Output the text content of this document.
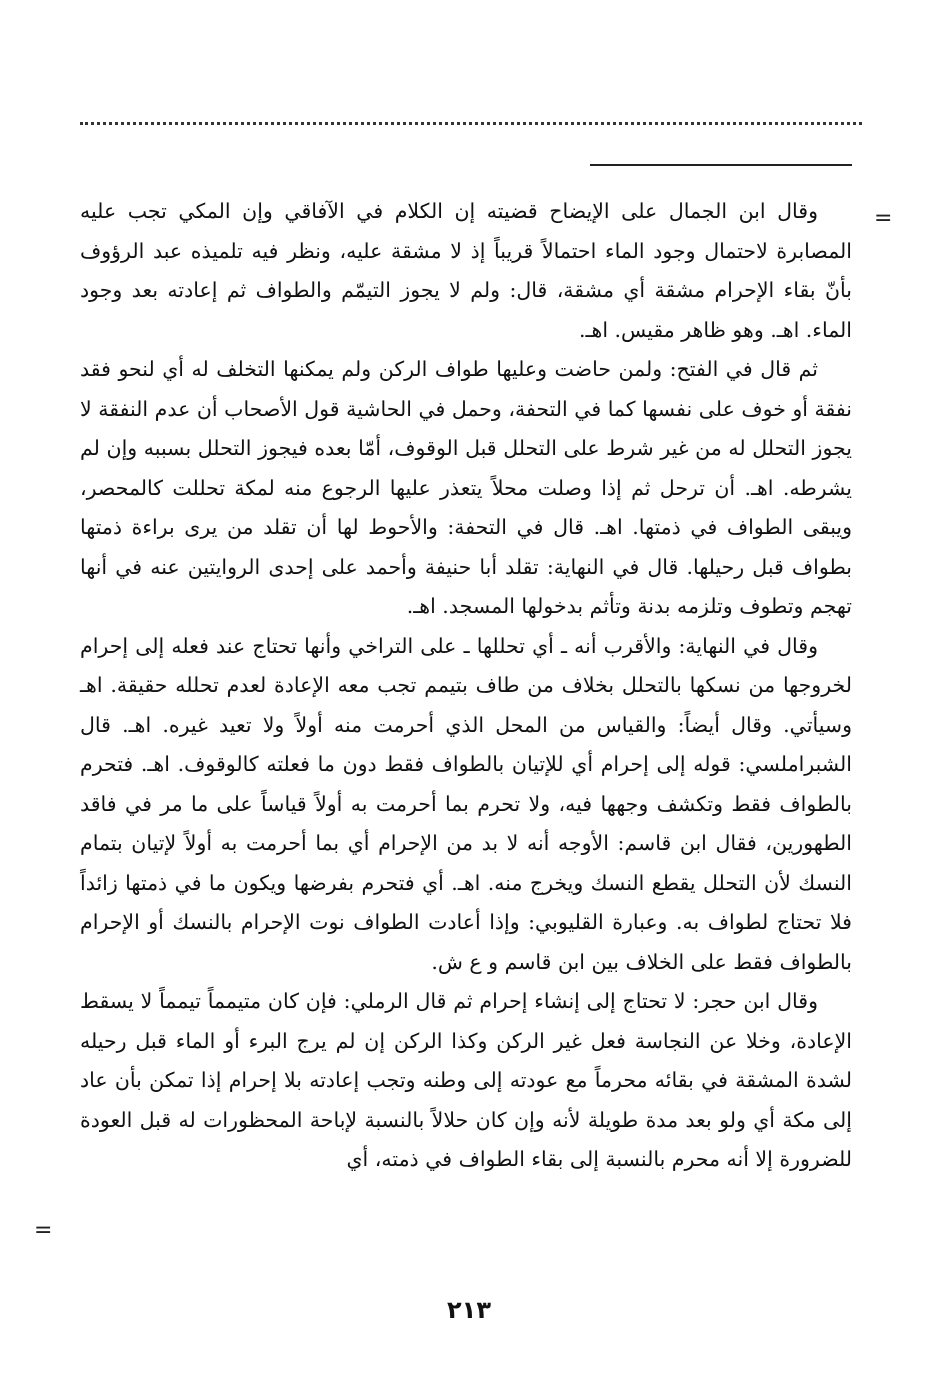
=

وقال ابن الجمال على الإيضاح قضيته إن الكلام في الآفاقي وإن المكي تجب عليه المصابرة لاحتمال وجود الماء احتمالاً قريباً إذ لا مشقة عليه، ونظر فيه تلميذه عبد الرؤوف بأنّ بقاء الإحرام مشقة أي مشقة، قال: ولم لا يجوز التيمّم والطواف ثم إعادته بعد وجود الماء. اهـ. وهو ظاهر مقيس. اهـ.

ثم قال في الفتح: ولمن حاضت وعليها طواف الركن ولم يمكنها التخلف له أي لنحو فقد نفقة أو خوف على نفسها كما في التحفة، وحمل في الحاشية قول الأصحاب أن عدم النفقة لا يجوز التحلل له من غير شرط على التحلل قبل الوقوف، أمّا بعده فيجوز التحلل بسببه وإن لم يشرطه. اهـ. أن ترحل ثم إذا وصلت محلاً يتعذر عليها الرجوع منه لمكة تحللت كالمحصر، ويبقى الطواف في ذمتها. اهـ. قال في التحفة: والأحوط لها أن تقلد من يرى براءة ذمتها بطواف قبل رحيلها. قال في النهاية: تقلد أبا حنيفة وأحمد على إحدى الروايتين عنه في أنها تهجم وتطوف وتلزمه بدنة وتأثم بدخولها المسجد. اهـ.

وقال في النهاية: والأقرب أنه ـ أي تحللها ـ على التراخي وأنها تحتاج عند فعله إلى إحرام لخروجها من نسكها بالتحلل بخلاف من طاف بتيمم تجب معه الإعادة لعدم تحلله حقيقة. اهـ وسيأتي. وقال أيضاً: والقياس من المحل الذي أحرمت منه أولاً ولا تعيد غيره. اهـ. قال الشبراملسي: قوله إلى إحرام أي للإتيان بالطواف فقط دون ما فعلته كالوقوف. اهـ. فتحرم بالطواف فقط وتكشف وجهها فيه، ولا تحرم بما أحرمت به أولاً قياساً على ما مر في فاقد الطهورين، فقال ابن قاسم: الأوجه أنه لا بد من الإحرام أي بما أحرمت به أولاً لإتيان بتمام النسك لأن التحلل يقطع النسك ويخرج منه. اهـ. أي فتحرم بفرضها ويكون ما في ذمتها زائداً فلا تحتاج لطواف به. وعبارة القليوبي: وإذا أعادت الطواف نوت الإحرام بالنسك أو الإحرام بالطواف فقط على الخلاف بين ابن قاسم و ع ش.

وقال ابن حجر: لا تحتاج إلى إنشاء إحرام ثم قال الرملي: فإن كان متيمماً تيمماً لا يسقط الإعادة، وخلا عن النجاسة فعل غير الركن وكذا الركن إن لم يرج البرء أو الماء قبل رحيله لشدة المشقة في بقائه محرماً مع عودته إلى وطنه وتجب إعادته بلا إحرام إذا تمكن بأن عاد إلى مكة أي ولو بعد مدة طويلة لأنه وإن كان حلالاً بالنسبة لإباحة المحظورات له قبل العودة للضرورة إلا أنه محرم بالنسبة إلى بقاء الطواف في ذمته، أي

=
٢١٣
